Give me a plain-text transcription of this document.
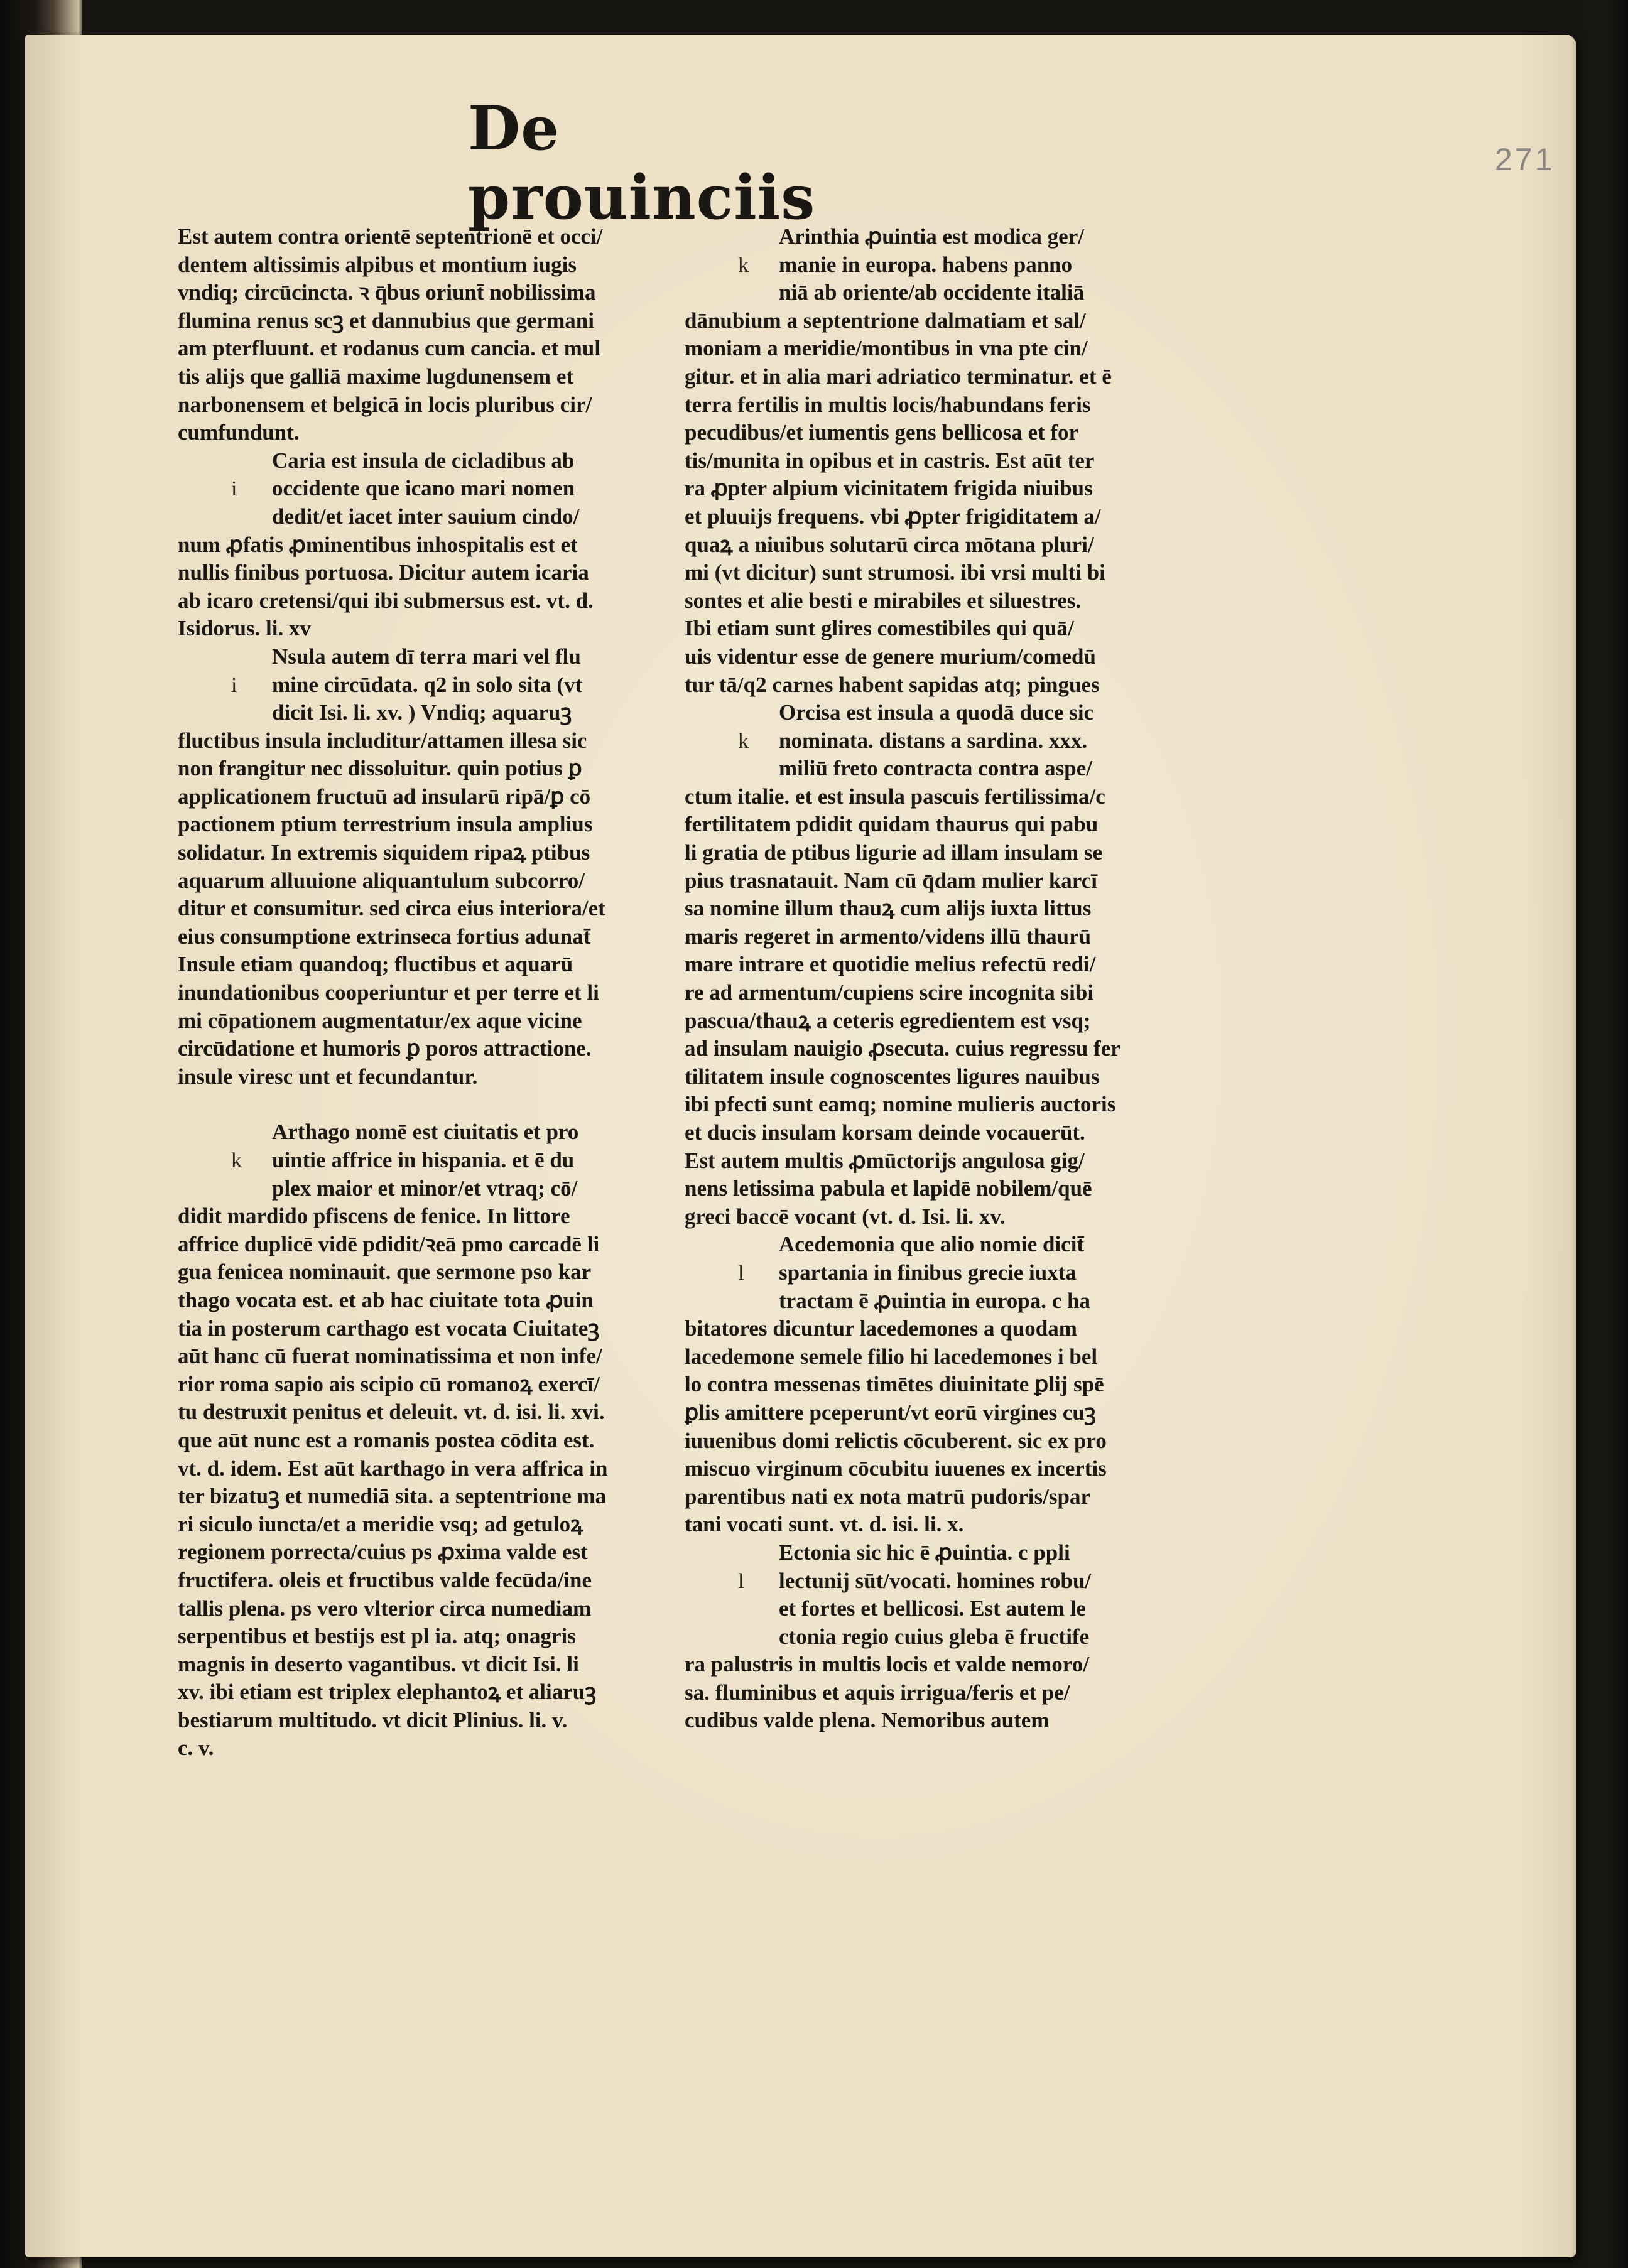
De prouinciis
271
Est autem contra orientē septentrionē et occi/
dentem altissimis alpibus et montium iugis
vndiq; circūcincta. ꝛ q̄bus oriunt̄ nobilissima
flumina renus scꝫ et dannubius que germani
am pterfluunt. et rodanus cum cancia. et mul
tis alijs que galliā maxime lugdunensem et
narbonensem et belgicā in locis pluribus cir/
cumfundunt.
Caria est insula de cicladibus ab
i occidente que icano mari nomen
dedit/et iacet inter sauium cindo/
num ꝓfatis ꝓminentibus inhospitalis est et
nullis finibus portuosa. Dicitur autem icaria
ab icaro cretensi/qui ibi submersus est. vt. d.
Isidorus. li. xv
Nsula autem dī terra mari vel flu
i mine circūdata. q2 in solo sita (vt
dicit Isi. li. xv. ) Vndiq; aquaruꝫ
fluctibus insula includitur/attamen illesa sic
non frangitur nec dissoluitur. quin potius ꝑ
applicationem fructuū ad insularū ripā/ꝑ cō
pactionem ptium terrestrium insula amplius
solidatur. In extremis siquidem ripaꝝ ptibus
aquarum alluuione aliquantulum subcorro/
ditur et consumitur. sed circa eius interiora/et
eius consumptione extrinseca fortius adunat̄
Insule etiam quandoq; fluctibus et aquarū
inundationibus cooperiuntur et per terre et li
mi cōpationem augmentatur/ex aque vicine
circūdatione et humoris ꝑ poros attractione.
insule viresc unt et fecundantur.
Arthago nomē est ciuitatis et pro
k uintie affrice in hispania. et ē du
plex maior et minor/et vtraq; cō/
didit mardido pfiscens de fenice. In littore
affrice duplicē vidē pdidit/ꝛeā pmo carcadē li
gua fenicea nominauit. que sermone pso kar
thago vocata est. et ab hac ciuitate tota ꝓuin
tia in posterum carthago est vocata Ciuitateꝫ
aūt hanc cū fuerat nominatissima et non infe/
rior roma sapio ais scipio cū romanoꝝ exercī/
tu destruxit penitus et deleuit. vt. d. isi. li. xvi.
que aūt nunc est a romanis postea cōdita est.
vt. d. idem. Est aūt karthago in vera affrica in
ter bizatuꝫ et numediā sita. a septentrione ma
ri siculo iuncta/et a meridie vsq; ad getuloꝝ
regionem porrecta/cuius ps ꝓxima valde est
fructifera. oleis et fructibus valde fecūda/ine
tallis plena. ps vero vlterior circa numediam
serpentibus et bestijs est pl ia. atq; onagris
magnis in deserto vagantibus. vt dicit Isi. li
xv. ibi etiam est triplex elephantoꝝ et aliaruꝫ
bestiarum multitudo. vt dicit Plinius. li. v.
c. v.
Arinthia ꝓuintia est modica ger/
k manie in europa. habens panno
niā ab oriente/ab occidente italiā
dānubium a septentrione dalmatiam et sal/
moniam a meridie/montibus in vna pte cin/
gitur. et in alia mari adriatico terminatur. et ē
terra fertilis in multis locis/habundans feris
pecudibus/et iumentis gens bellicosa et for
tis/munita in opibus et in castris. Est aūt ter
ra ꝓpter alpium vicinitatem frigida niuibus
et pluuijs frequens. vbi ꝓpter frigiditatem a/
quaꝝ a niuibus solutarū circa mōtana pluri/
mi (vt dicitur) sunt strumosi. ibi vrsi multi bi
sontes et alie besti e mirabiles et siluestres.
Ibi etiam sunt glires comestibiles qui quā/
uis videntur esse de genere murium/comedū
tur tā/q2 carnes habent sapidas atq; pingues
Orcisa est insula a quodā duce sic
k nominata. distans a sardina. xxx.
miliū freto contracta contra aspe/
ctum italie. et est insula pascuis fertilissima/c
fertilitatem pdidit quidam thaurus qui pabu
li gratia de ptibus ligurie ad illam insulam se
pius trasnatauit. Nam cū q̄dam mulier karcī
sa nomine illum thauꝝ cum alijs iuxta littus
maris regeret in armento/videns illū thaurū
mare intrare et quotidie melius refectū redi/
re ad armentum/cupiens scire incognita sibi
pascua/thauꝝ a ceteris egredientem est vsq;
ad insulam nauigio ꝓsecuta. cuius regressu fer
tilitatem insule cognoscentes ligures nauibus
ibi pfecti sunt eamq; nomine mulieris auctoris
et ducis insulam korsam deinde vocauerūt.
Est autem multis ꝓmūctorijs angulosa gig/
nens letissima pabula et lapidē nobilem/quē
greci baccē vocant (vt. d. Isi. li. xv.
Acedemonia que alio nomie dicit̄
l spartania in finibus grecie iuxta
tractam ē ꝓuintia in europa. c ha
bitatores dicuntur lacedemones a quodam
lacedemone semele filio hi lacedemones i bel
lo contra messenas timētes diuinitate ꝑlij spē
ꝑlis amittere pceperunt/vt eorū virgines cuꝫ
iuuenibus domi relictis cōcuberent. sic ex pro
miscuo virginum cōcubitu iuuenes ex incertis
parentibus nati ex nota matrū pudoris/spar
tani vocati sunt. vt. d. isi. li. x.
Ectonia sic hic ē ꝓuintia. c ppli
l lectunij sūt/vocati. homines robu/
et fortes et bellicosi. Est autem le
ctonia regio cuius gleba ē fructife
ra palustris in multis locis et valde nemoro/
sa. fluminibus et aquis irrigua/feris et pe/
cudibus valde plena. Nemoribus autem
